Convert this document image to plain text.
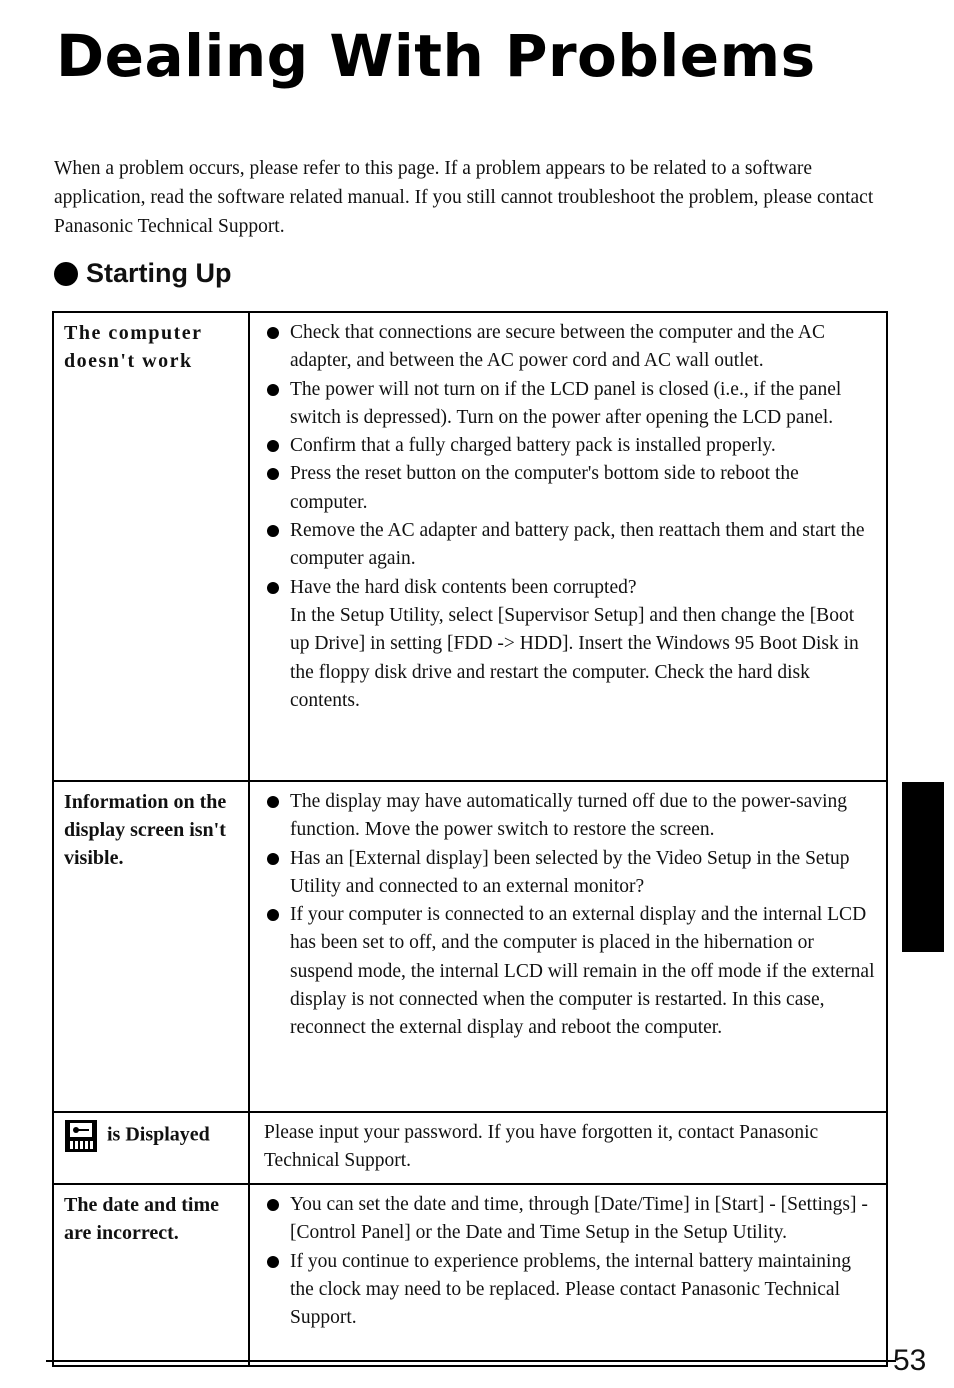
Dealing With Problems

When a problem occurs, please refer to this page. If a problem appears to be related to a software application, read the software related manual. If you still cannot troubleshoot the problem, please contact Panasonic Technical Support.

Starting Up
The computer doesn't work
Check that connections are secure between the computer and the AC adapter, and between the AC power cord and AC wall outlet.
The power will not turn on if the LCD panel is closed (i.e., if the panel switch is depressed). Turn on the power after opening the LCD panel.
Confirm that a fully charged battery pack is installed properly.
Press the reset button on the computer's bottom side to reboot the computer.
Remove the AC adapter and battery pack, then reattach them and start the computer again.
Have the hard disk contents been corrupted?
In the Setup Utility, select [Supervisor Setup] and then change the [Boot up Drive] in setting [FDD -> HDD]. Insert the Windows 95 Boot Disk in the floppy disk drive and restart the computer. Check the hard disk contents.
Information on the display screen isn't visible.
The display may have automatically turned off due to the power-saving function. Move the power switch to restore the screen.
Has an [External display] been selected by the Video Setup in the Setup Utility and connected to an external monitor?
If your computer is connected to an external display and the internal LCD has been set to off, and the computer is placed in the hibernation or suspend mode, the internal LCD will remain in the off mode if the external display is not connected when the computer is restarted. In this case, reconnect the external display and reboot the computer.
is Displayed	Please input your password. If you have forgotten it, contact Panasonic Technical Support.

The date and time are incorrect.
You can set the date and time, through [Date/Time] in [Start] - [Settings] - [Control Panel] or the Date and Time Setup in the Setup Utility.
If you continue to experience problems, the internal battery maintaining the clock may need to be replaced. Please contact Panasonic Technical Support.
53
